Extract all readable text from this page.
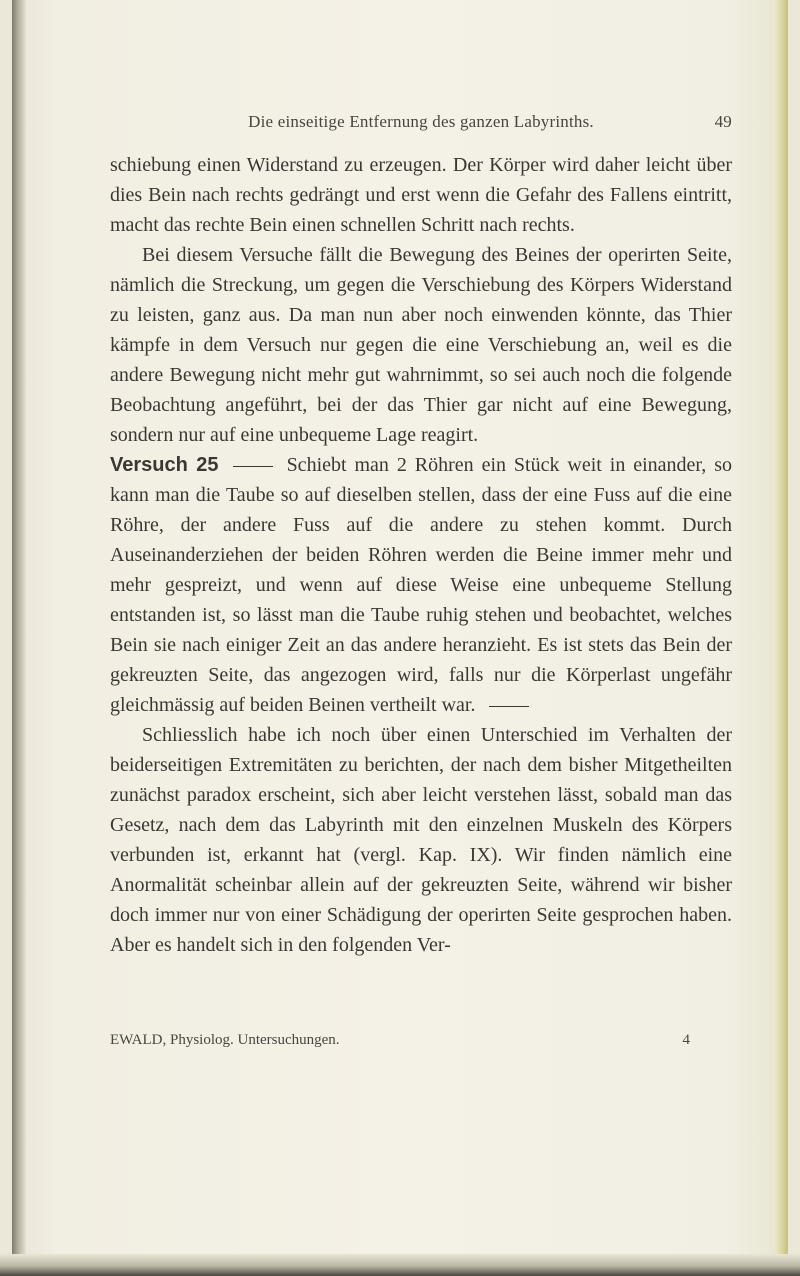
Die einseitige Entfernung des ganzen Labyrinths.	49

schiebung einen Widerstand zu erzeugen. Der Körper wird daher leicht über dies Bein nach rechts gedrängt und erst wenn die Gefahr des Fallens eintritt, macht das rechte Bein einen schnellen Schritt nach rechts.

Bei diesem Versuche fällt die Bewegung des Beines der operirten Seite, nämlich die Streckung, um gegen die Verschiebung des Körpers Widerstand zu leisten, ganz aus. Da man nun aber noch einwenden könnte, das Thier kämpfe in dem Versuch nur gegen die eine Verschiebung an, weil es die andere Bewegung nicht mehr gut wahrnimmt, so sei auch noch die folgende Beobachtung angeführt, bei der das Thier gar nicht auf eine Bewegung, sondern nur auf eine unbequeme Lage reagirt.

Versuch 25	Schiebt man 2 Röhren ein Stück weit in einander, so kann man die Taube so auf dieselben stellen, dass der eine Fuss auf die eine Röhre, der andere Fuss auf die andere zu stehen kommt. Durch Auseinanderziehen der beiden Röhren werden die Beine immer mehr und mehr gespreizt, und wenn auf diese Weise eine unbequeme Stellung entstanden ist, so lässt man die Taube ruhig stehen und beobachtet, welches Bein sie nach einiger Zeit an das andere heranzieht. Es ist stets das Bein der gekreuzten Seite, das angezogen wird, falls nur die Körperlast ungefähr gleichmässig auf beiden Beinen vertheilt war.

Schliesslich habe ich noch über einen Unterschied im Verhalten der beiderseitigen Extremitäten zu berichten, der nach dem bisher Mitgetheilten zunächst paradox erscheint, sich aber leicht verstehen lässt, sobald man das Gesetz, nach dem das Labyrinth mit den einzelnen Muskeln des Körpers verbunden ist, erkannt hat (vergl. Kap. IX). Wir finden nämlich eine Anormalität scheinbar allein auf der gekreuzten Seite, während wir bisher doch immer nur von einer Schädigung der operirten Seite gesprochen haben. Aber es handelt sich in den folgenden Ver-

EWALD, Physiolog. Untersuchungen.	4
